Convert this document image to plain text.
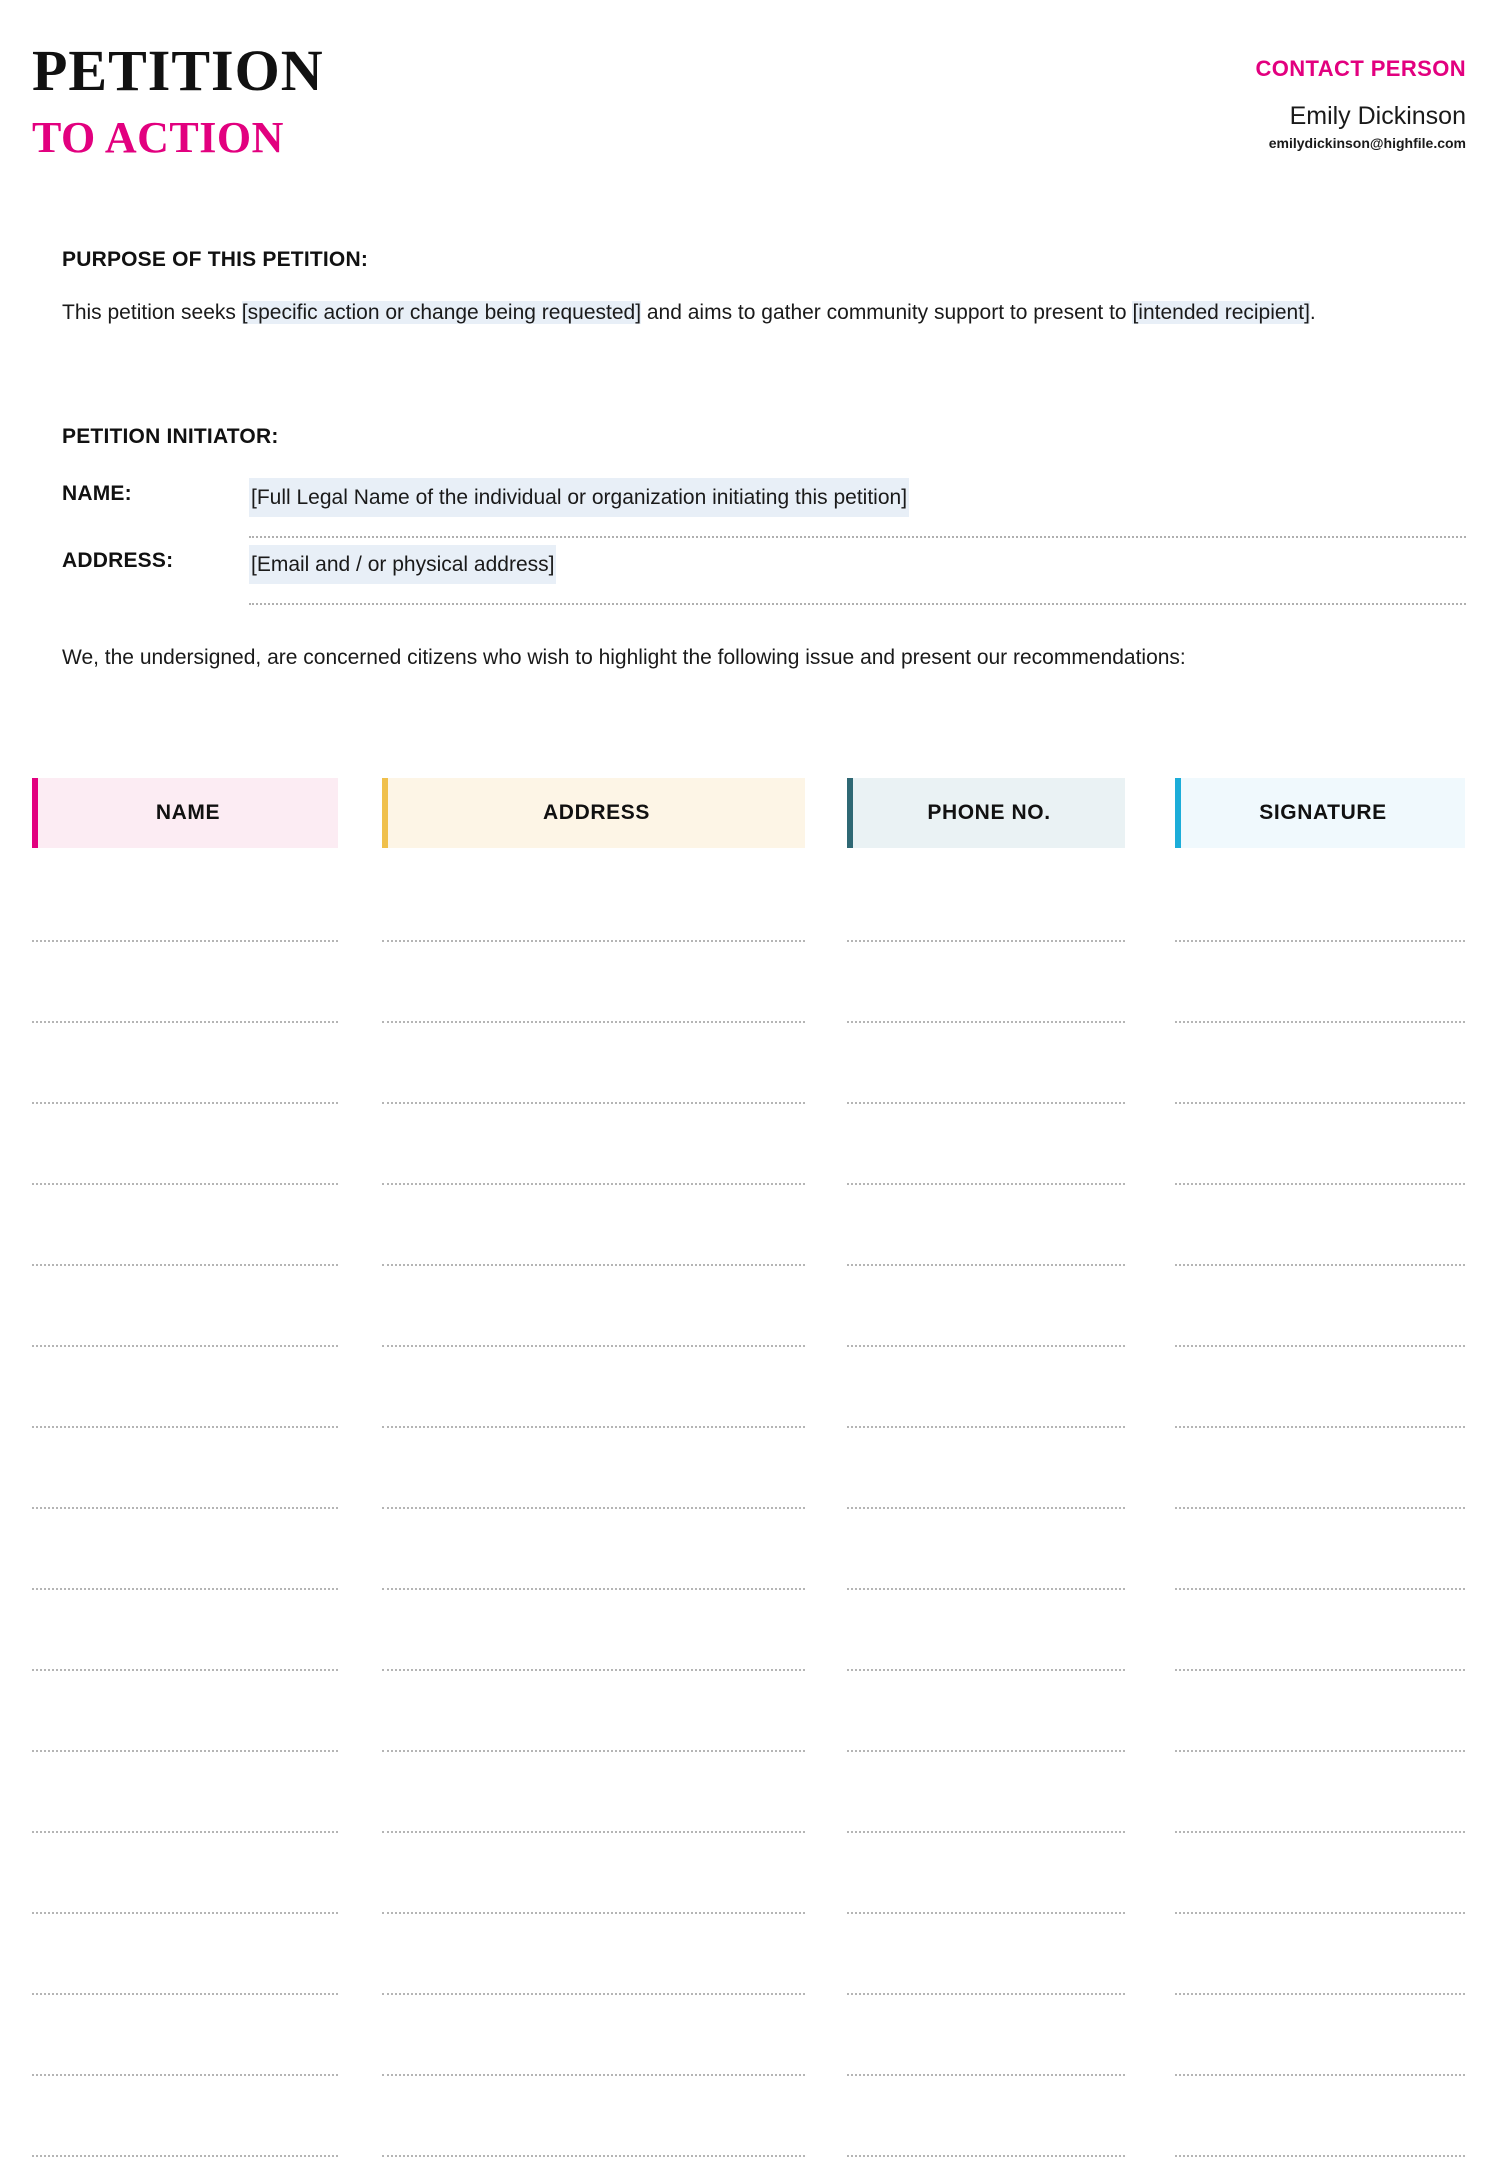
PETITION
TO ACTION

CONTACT PERSON

Emily Dickinson

emilydickinson@highfile.com

PURPOSE OF THIS PETITION:

This petition seeks [specific action or change being requested] and aims to gather community support to present to [intended recipient].

PETITION INITIATOR:
NAME:	[Full Legal Name of the individual or organization initiating this petition]
ADDRESS:	[Email and / or physical address]

We, the undersigned, are concerned citizens who wish to highlight the following issue and present our recommendations:

NAME	ADDRESS	PHONE NO.	SIGNATURE
